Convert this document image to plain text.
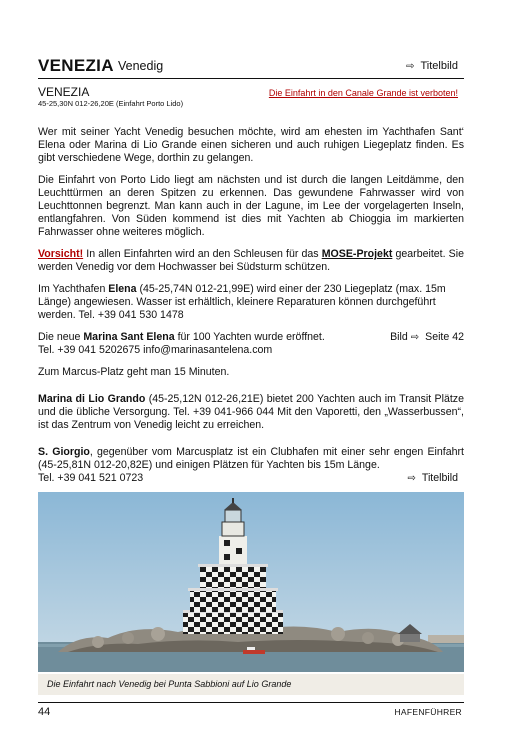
VENEZIA Venedig	⇨ Titelbild
VENEZIA	Die Einfahrt in den Canale Grande ist verboten!
45-25,30N 012-26,20E (Einfahrt Porto Lido)

Wer mit seiner Yacht Venedig besuchen möchte, wird am ehesten im Yachthafen Sant‘ Elena oder Marina di Lio Grande einen sicheren und auch ruhigen Liegeplatz finden. Es gibt verschiedene Wege, dorthin zu gelangen.

Die Einfahrt von Porto Lido liegt am nächsten und ist durch die langen Leitdämme, den Leuchttürmen an deren Spitzen zu erkennen. Das gewundene Fahrwasser wird von Leuchttonnen begrenzt. Man kann auch in der Lagune, im Lee der vorgelagerten Inseln, entlangfahren. Von Süden kommend ist dies mit Yachten ab Chioggia im markierten Fahrwasser ohne weiteres möglich.

Vorsicht! In allen Einfahrten wird an den Schleusen für das MOSE-Projekt gearbeitet. Sie werden Venedig vor dem Hochwasser bei Südsturm schützen.

Im Yachthafen Elena (45-25,74N 012-21,99E) wird einer der 230 Liegeplatz (max. 15m Länge) angewiesen. Wasser ist erhältlich, kleinere Reparaturen können durchgeführt werden. Tel. +39 041 530 1478

Die neue Marina Sant Elena für 100 Yachten wurde eröffnet.	Bild ⇨ Seite 42
Tel. +39 041 5202675 info@marinasantelena.com

Zum Marcus-Platz geht man 15 Minuten.

Marina di Lio Grando (45-25,12N 012-26,21E) bietet 200 Yachten auch im Transit Plätze und die übliche Versorgung. Tel. +39 041-966 044 Mit den Vaporetti, den „Wasserbussen“, ist das Zentrum von Venedig leicht zu erreichen.

S. Giorgio, gegenüber vom Marcusplatz ist ein Clubhafen mit einer sehr engen Einfahrt (45-25,81N 012-20,82E) und einigen Plätzen für Yachten bis 15m Länge.
Tel. +39 041 521 0723	⇨ Titelbild

Die Einfahrt nach Venedig bei Punta Sabbioni auf Lio Grande
44	HAFENFÜHRER
